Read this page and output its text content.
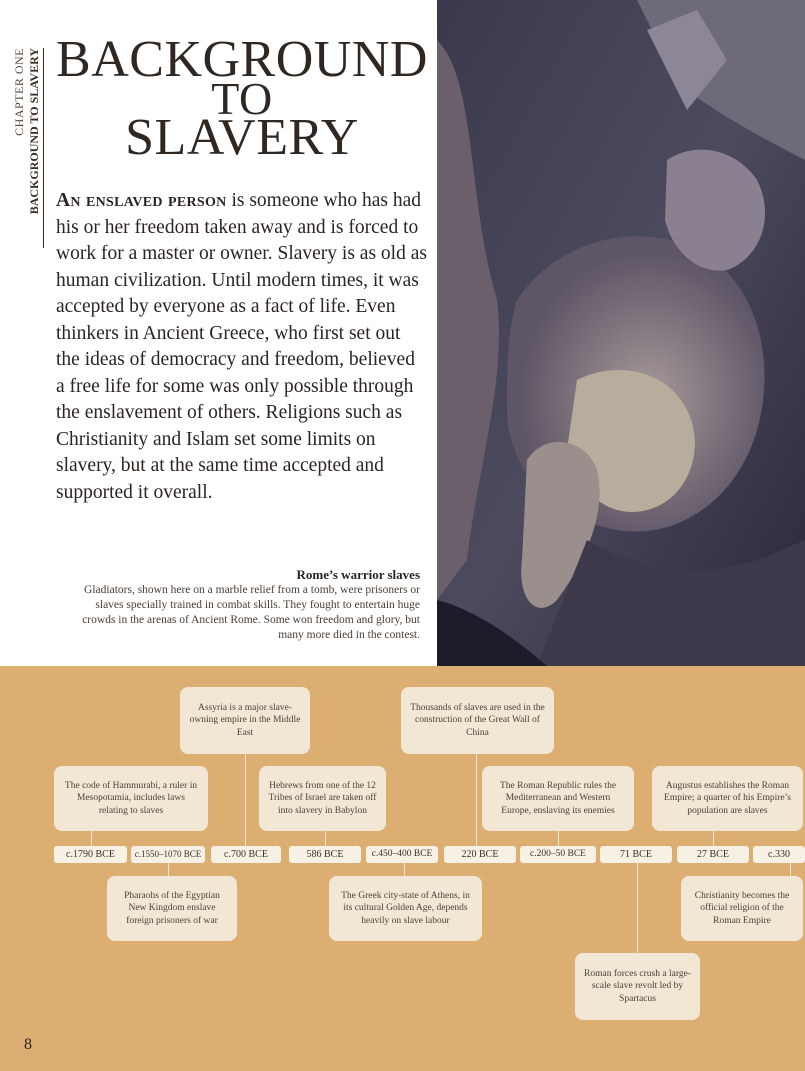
CHAPTER ONE BACKGROUND TO SLAVERY BACKGROUND
TO
SLAVERY
An enslaved person is someone who has had his or her freedom taken away and is forced to work for a master or owner. Slavery is as old as human civilization. Until modern times, it was accepted by everyone as a fact of life. Even thinkers in Ancient Greece, who first set out the ideas of democracy and freedom, believed a free life for some was only possible through the enslavement of others. Religions such as Christianity and Islam set some limits on slavery, but at the same time accepted and supported it overall.
Rome’s warrior slaves
Gladiators, shown here on a marble relief from a tomb, were prisoners or slaves specially trained in combat skills. They fought to entertain huge crowds in the arenas of Ancient Rome. Some won freedom and glory, but many more died in the contest.
The code of Hammurabi, a ruler in Mesopotamia, includes laws relating to slaves
Assyria is a major slave-owning empire in the Middle East
Hebrews from one of the 12 Tribes of Israel are taken off into slavery in Babylon
Thousands of slaves are used in the construction of the Great Wall of China
The Roman Republic rules the Mediterranean and Western Europe, enslaving its enemies
Augustus establishes the Roman Empire; a quarter of his Empire’s population are slaves
c.1790 BCE	c.1550–1070 BCE	c.700 BCE	586 BCE	c.450–400 BCE	220 BCE	c.200–50 BCE	71 BCE	27 BCE	c.330
Pharaohs of the Egyptian New Kingdom enslave foreign prisoners of war
The Greek city-state of Athens, in its cultural Golden Age, depends heavily on slave labour
Roman forces crush a large-scale slave revolt led by Spartacus
Christianity becomes the official religion of the Roman Empire
8
